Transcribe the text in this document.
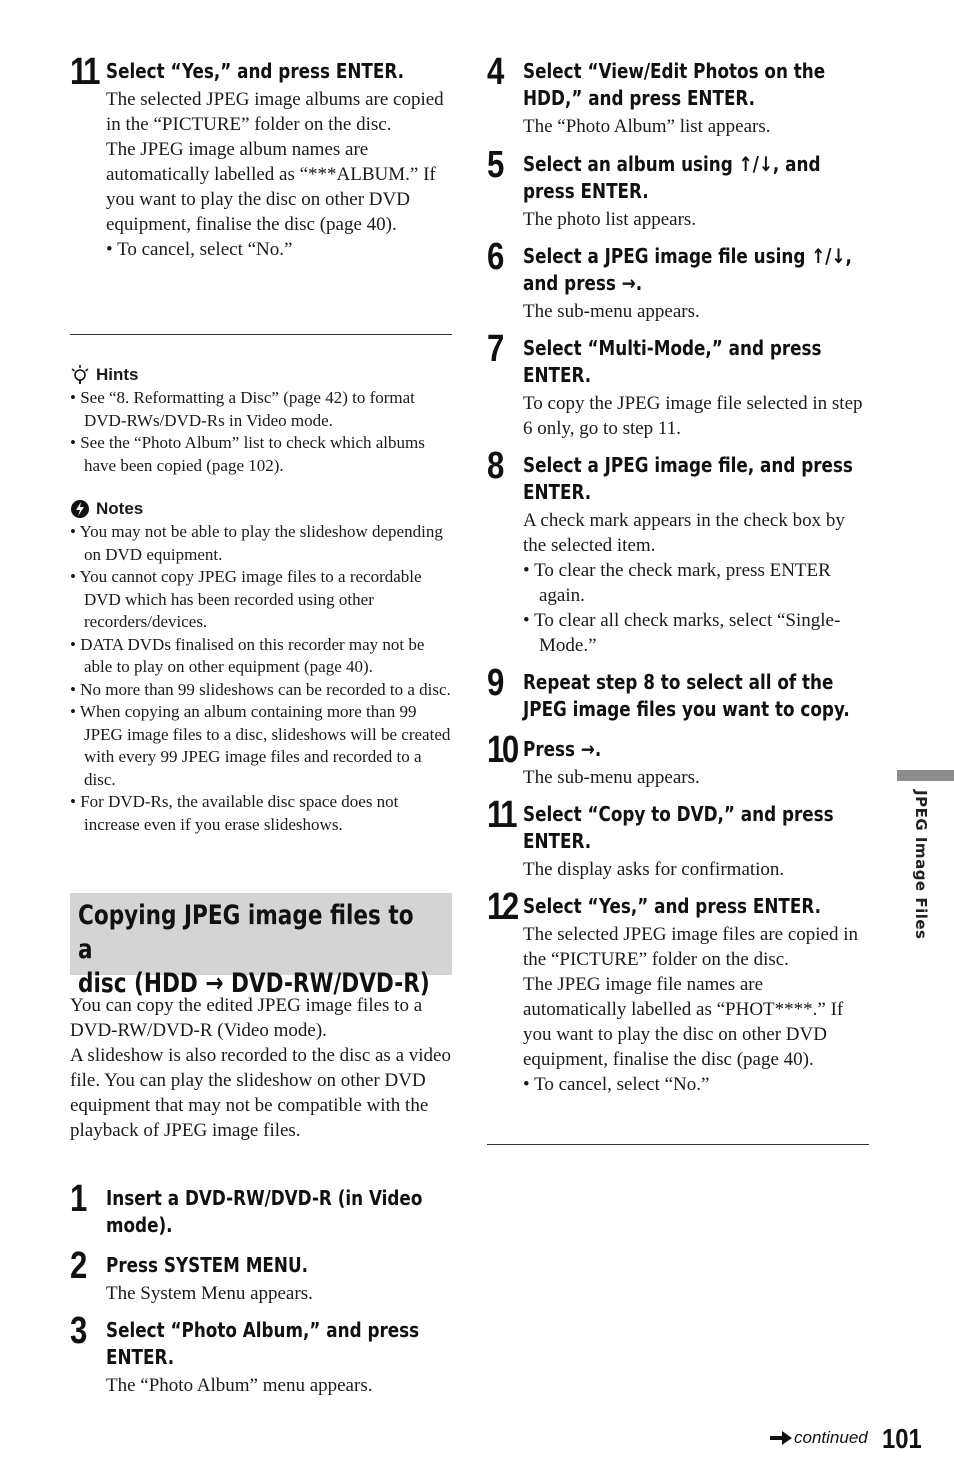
11 Select “Yes,” and press ENTER.

The selected JPEG image albums are copied in the “PICTURE” folder on the disc.

The JPEG image album names are automatically labelled as “***ALBUM.” If you want to play the disc on other DVD equipment, finalise the disc (page 40).

• To cancel, select “No.”

Hints
• See “8. Reformatting a Disc” (page 42) to format DVD-RWs/DVD-Rs in Video mode.
• See the “Photo Album” list to check which albums have been copied (page 102).
Notes
• You may not be able to play the slideshow depending on DVD equipment.
• You cannot copy JPEG image files to a recordable DVD which has been recorded using other recorders/devices.
• DATA DVDs finalised on this recorder may not be able to play on other equipment (page 40).
• No more than 99 slideshows can be recorded to a disc.
• When copying an album containing more than 99 JPEG image files to a disc, slideshows will be created with every 99 JPEG image files and recorded to a disc.
• For DVD-Rs, the available disc space does not increase even if you erase slideshows.
Copying JPEG image files to a
disc (HDD → DVD-RW/DVD-R)

You can copy the edited JPEG image files to a DVD-RW/DVD-R (Video mode).

A slideshow is also recorded to the disc as a video file. You can play the slideshow on other DVD equipment that may not be compatible with the playback of JPEG image files.

1 Insert a DVD-RW/DVD-R (in Video mode).
2 Press SYSTEM MENU.
The System Menu appears.
3 Select “Photo Album,” and press ENTER.
The “Photo Album” menu appears.
4 Select “View/Edit Photos on the HDD,” and press ENTER.
The “Photo Album” list appears.
5 Select an album using ↑/↓, and press ENTER.
The photo list appears.
6 Select a JPEG image file using ↑/↓, and press →.
The sub-menu appears.
7 Select “Multi-Mode,” and press ENTER.
To copy the JPEG image file selected in step 6 only, go to step 11.
8 Select a JPEG image file, and press ENTER.

A check mark appears in the check box by the selected item.

• To clear the check mark, press ENTER again.

• To clear all check marks, select “Single-Mode.”

9 Repeat step 8 to select all of the JPEG image files you want to copy.
10 Press →.
The sub-menu appears.
11 Select “Copy to DVD,” and press ENTER.
The display asks for confirmation.
12 Select “Yes,” and press ENTER.

The selected JPEG image files are copied in the “PICTURE” folder on the disc.

The JPEG image file names are automatically labelled as “PHOT****.” If you want to play the disc on other DVD equipment, finalise the disc (page 40).

• To cancel, select “No.”

JPEG Image Files
continued 101
